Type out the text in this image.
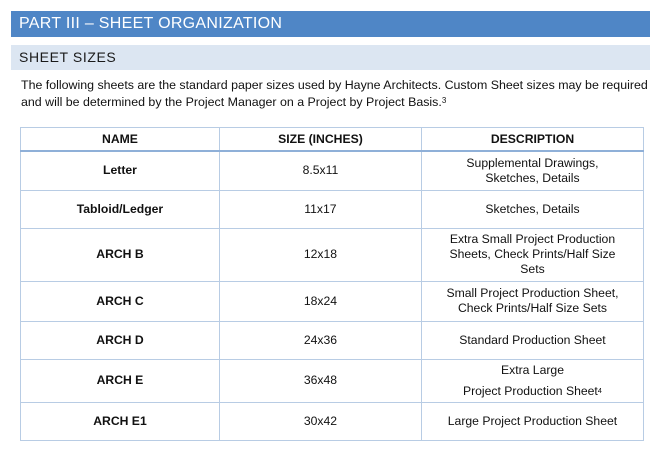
PART III – SHEET ORGANIZATION
SHEET SIZES

The following sheets are the standard paper sizes used by Hayne Architects. Custom Sheet sizes may be required and will be determined by the Project Manager on a Project by Project Basis.$^3$

NAME	SIZE (INCHES)	DESCRIPTION
Letter	8.5x11	Supplemental Drawings,
Sketches, Details

Tabloid/Ledger	11x17	Sketches, Details

ARCH B	12x18	Extra Small Project Production
Sheets, Check Prints/Half Size
Sets

ARCH C	18x24	Small Project Production Sheet,
Check Prints/Half Size Sets

ARCH D	24x36	Standard Production Sheet

ARCH E	36x48	Extra Large
Project Production Sheet$^4$

ARCH E1	30x42	Large Project Production Sheet
